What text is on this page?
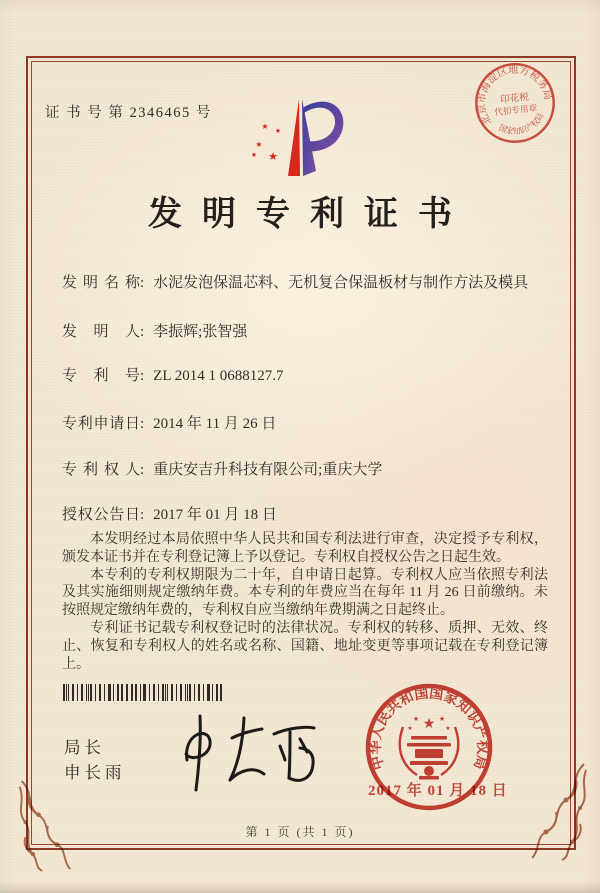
证 书 号 第 2346465 号
★ ★
★
★ ★
北京市海淀区地方税务局
国家知识产权局
印花税
代扣专用章
发明专利证书
发明名称: 水泥发泡保温芯料、无机复合保温板材与制作方法及模具
发明人: 李振辉;张智强
专利号: ZL 2014 1 0688127.7
专利申请日: 2014 年 11 月 26 日
专利权人: 重庆安吉升科技有限公司;重庆大学
授权公告日: 2017 年 01 月 18 日

本发明经过本局依照中华人民共和国专利法进行审查，决定授予专利权，颁发本证书并在专利登记簿上予以登记。专利权自授权公告之日起生效。

本专利的专利权期限为二十年，自申请日起算。专利权人应当依照专利法及其实施细则规定缴纳年费。本专利的年费应当在每年 11 月 26 日前缴纳。未按照规定缴纳年费的，专利权自应当缴纳年费期满之日起终止。

专利证书记载专利权登记时的法律状况。专利权的转移、质押、无效、终止、恢复和专利权人的姓名或名称、国籍、地址变更等事项记载在专利登记簿上。

局长
申长雨
中华人民共和国国家知识产权局
★
★	★
★	★
2017 年 01 月 18 日
第 1 页 (共 1 页)
